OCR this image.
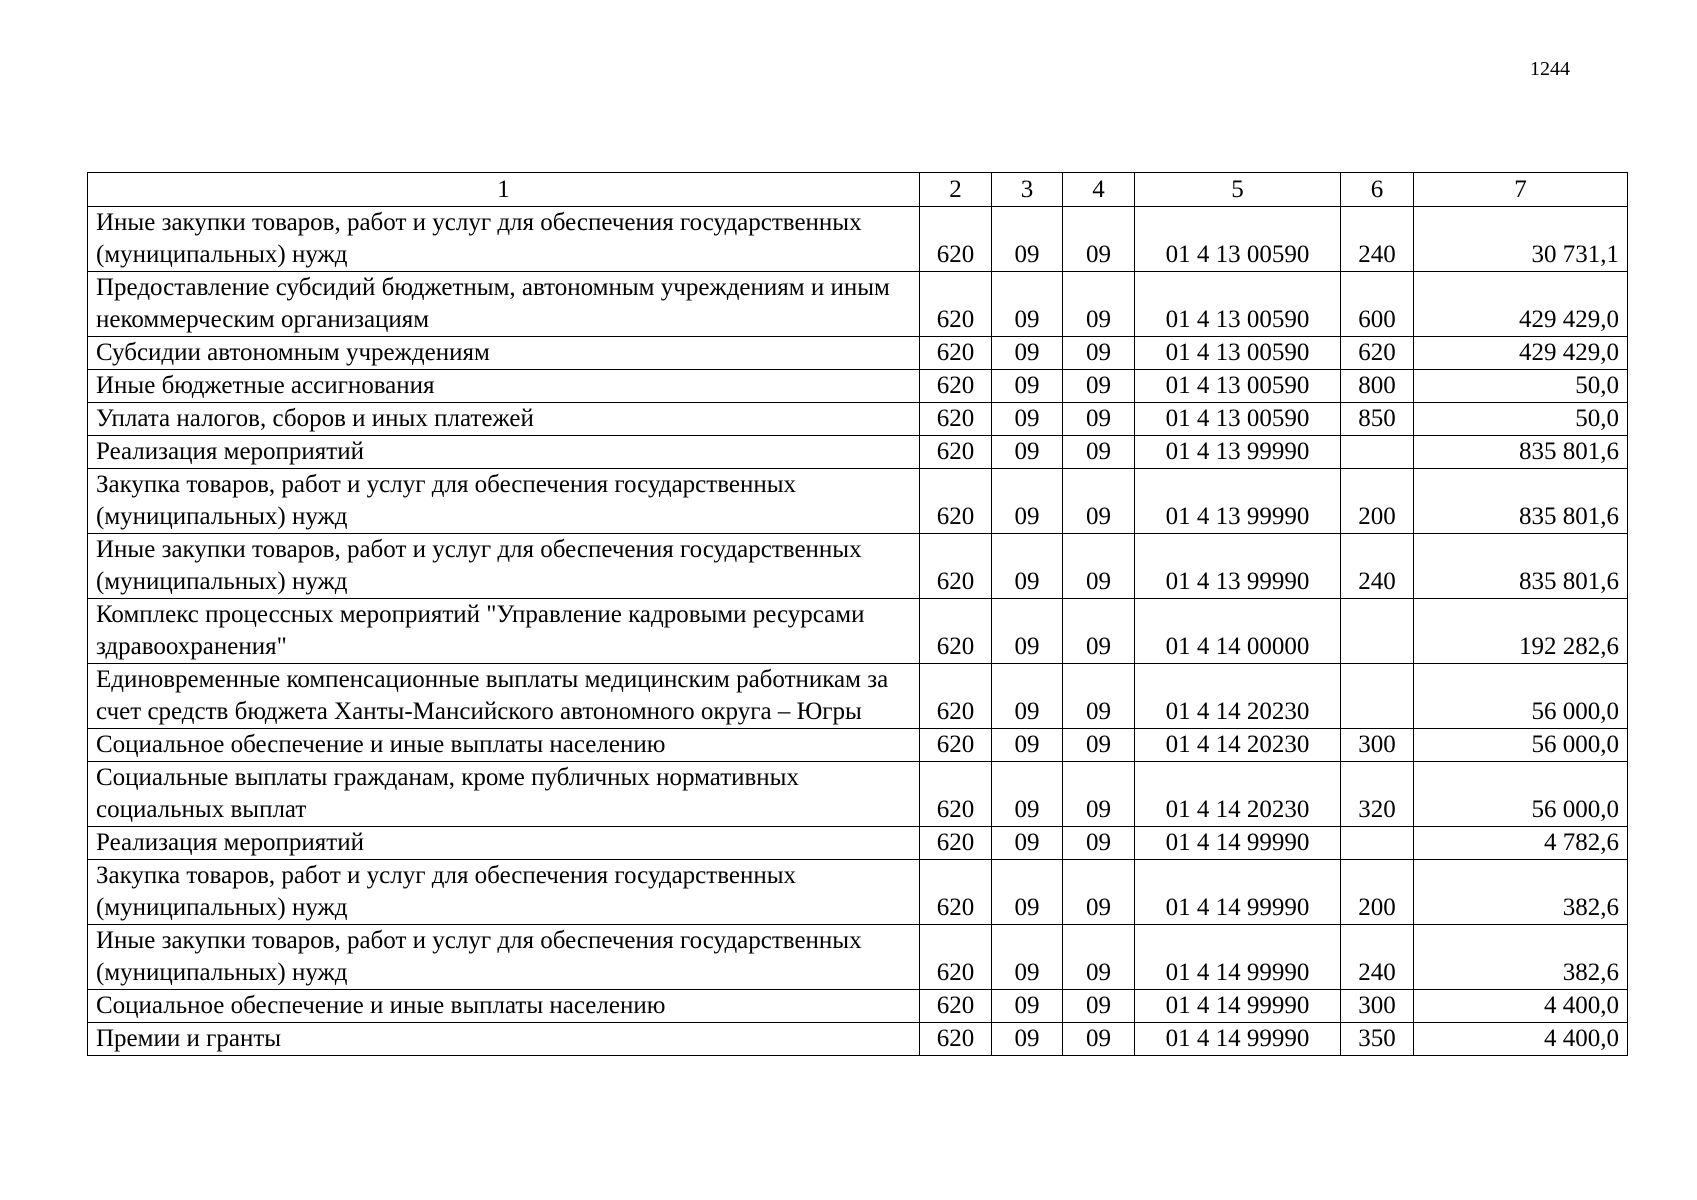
1244
1	2	3	4	5	6	7
Иные закупки товаров, работ и услуг для обеспечения государственных (муниципальных) нужд	620	09	09	01 4 13 00590	240	30 731,1
Предоставление субсидий бюджетным, автономным учреждениям и иным некоммерческим организациям	620	09	09	01 4 13 00590	600	429 429,0
Субсидии автономным учреждениям	620	09	09	01 4 13 00590	620	429 429,0
Иные бюджетные ассигнования	620	09	09	01 4 13 00590	800	50,0
Уплата налогов, сборов и иных платежей	620	09	09	01 4 13 00590	850	50,0
Реализация мероприятий	620	09	09	01 4 13 99990		835 801,6
Закупка товаров, работ и услуг для обеспечения государственных (муниципальных) нужд	620	09	09	01 4 13 99990	200	835 801,6
Иные закупки товаров, работ и услуг для обеспечения государственных (муниципальных) нужд	620	09	09	01 4 13 99990	240	835 801,6
Комплекс процессных мероприятий "Управление кадровыми ресурсами здравоохранения"	620	09	09	01 4 14 00000		192 282,6
Единовременные компенсационные выплаты медицинским работникам за счет средств бюджета Ханты-Мансийского автономного округа – Югры	620	09	09	01 4 14 20230		56 000,0
Социальное обеспечение и иные выплаты населению	620	09	09	01 4 14 20230	300	56 000,0
Социальные выплаты гражданам, кроме публичных нормативных социальных выплат	620	09	09	01 4 14 20230	320	56 000,0
Реализация мероприятий	620	09	09	01 4 14 99990		4 782,6
Закупка товаров, работ и услуг для обеспечения государственных (муниципальных) нужд	620	09	09	01 4 14 99990	200	382,6
Иные закупки товаров, работ и услуг для обеспечения государственных (муниципальных) нужд	620	09	09	01 4 14 99990	240	382,6
Социальное обеспечение и иные выплаты населению	620	09	09	01 4 14 99990	300	4 400,0
Премии и гранты	620	09	09	01 4 14 99990	350	4 400,0
